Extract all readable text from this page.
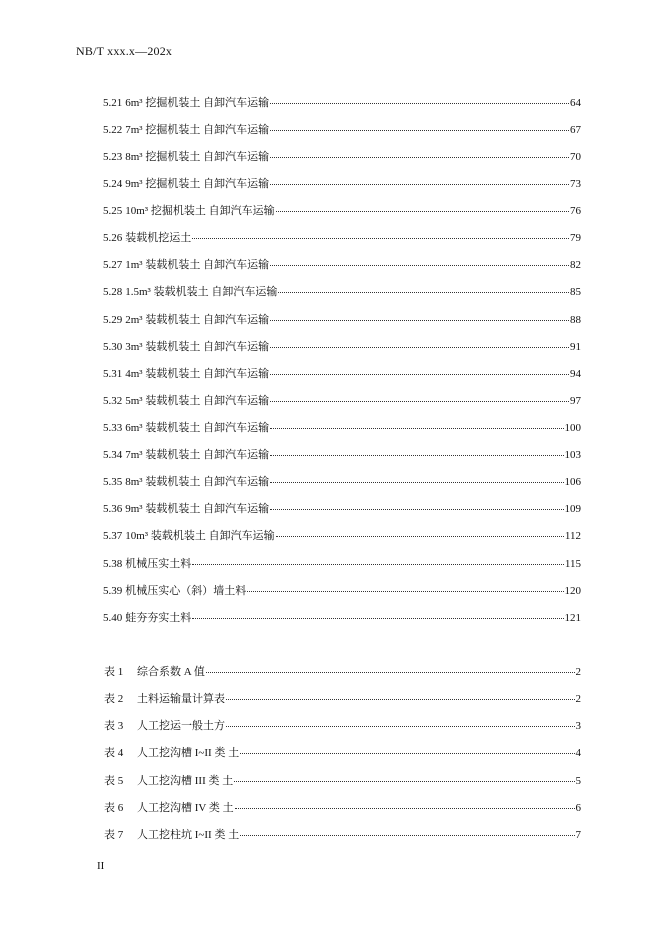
NB/T xxx.x—202x
5.21 6m³ 挖掘机装土 自卸汽车运输	64
5.22 7m³ 挖掘机装土 自卸汽车运输	67
5.23 8m³ 挖掘机装土 自卸汽车运输	70
5.24 9m³ 挖掘机装土 自卸汽车运输	73
5.25 10m³ 挖掘机装土 自卸汽车运输	76
5.26 装载机挖运土	79
5.27 1m³ 装载机装土 自卸汽车运输	82
5.28 1.5m³ 装载机装土 自卸汽车运输	85
5.29 2m³ 装载机装土 自卸汽车运输	88
5.30 3m³ 装载机装土 自卸汽车运输	91
5.31 4m³ 装载机装土 自卸汽车运输	94
5.32 5m³ 装载机装土 自卸汽车运输	97
5.33 6m³ 装载机装土 自卸汽车运输	100
5.34 7m³ 装载机装土 自卸汽车运输	103
5.35 8m³ 装载机装土 自卸汽车运输	106
5.36 9m³ 装载机装土 自卸汽车运输	109
5.37 10m³ 装载机装土 自卸汽车运输	112
5.38 机械压实土料	115
5.39 机械压实心（斜）墙土料	120
5.40 蛙夯夯实土料	121
表 1	综合系数 A 值	2
表 2	土料运输量计算表	2
表 3	人工挖运一般土方	3
表 4	人工挖沟槽 I~II 类 土	4
表 5	人工挖沟槽 III 类 土	5
表 6	人工挖沟槽 IV 类 土	6
表 7	人工挖柱坑 I~II 类 土	7
II
